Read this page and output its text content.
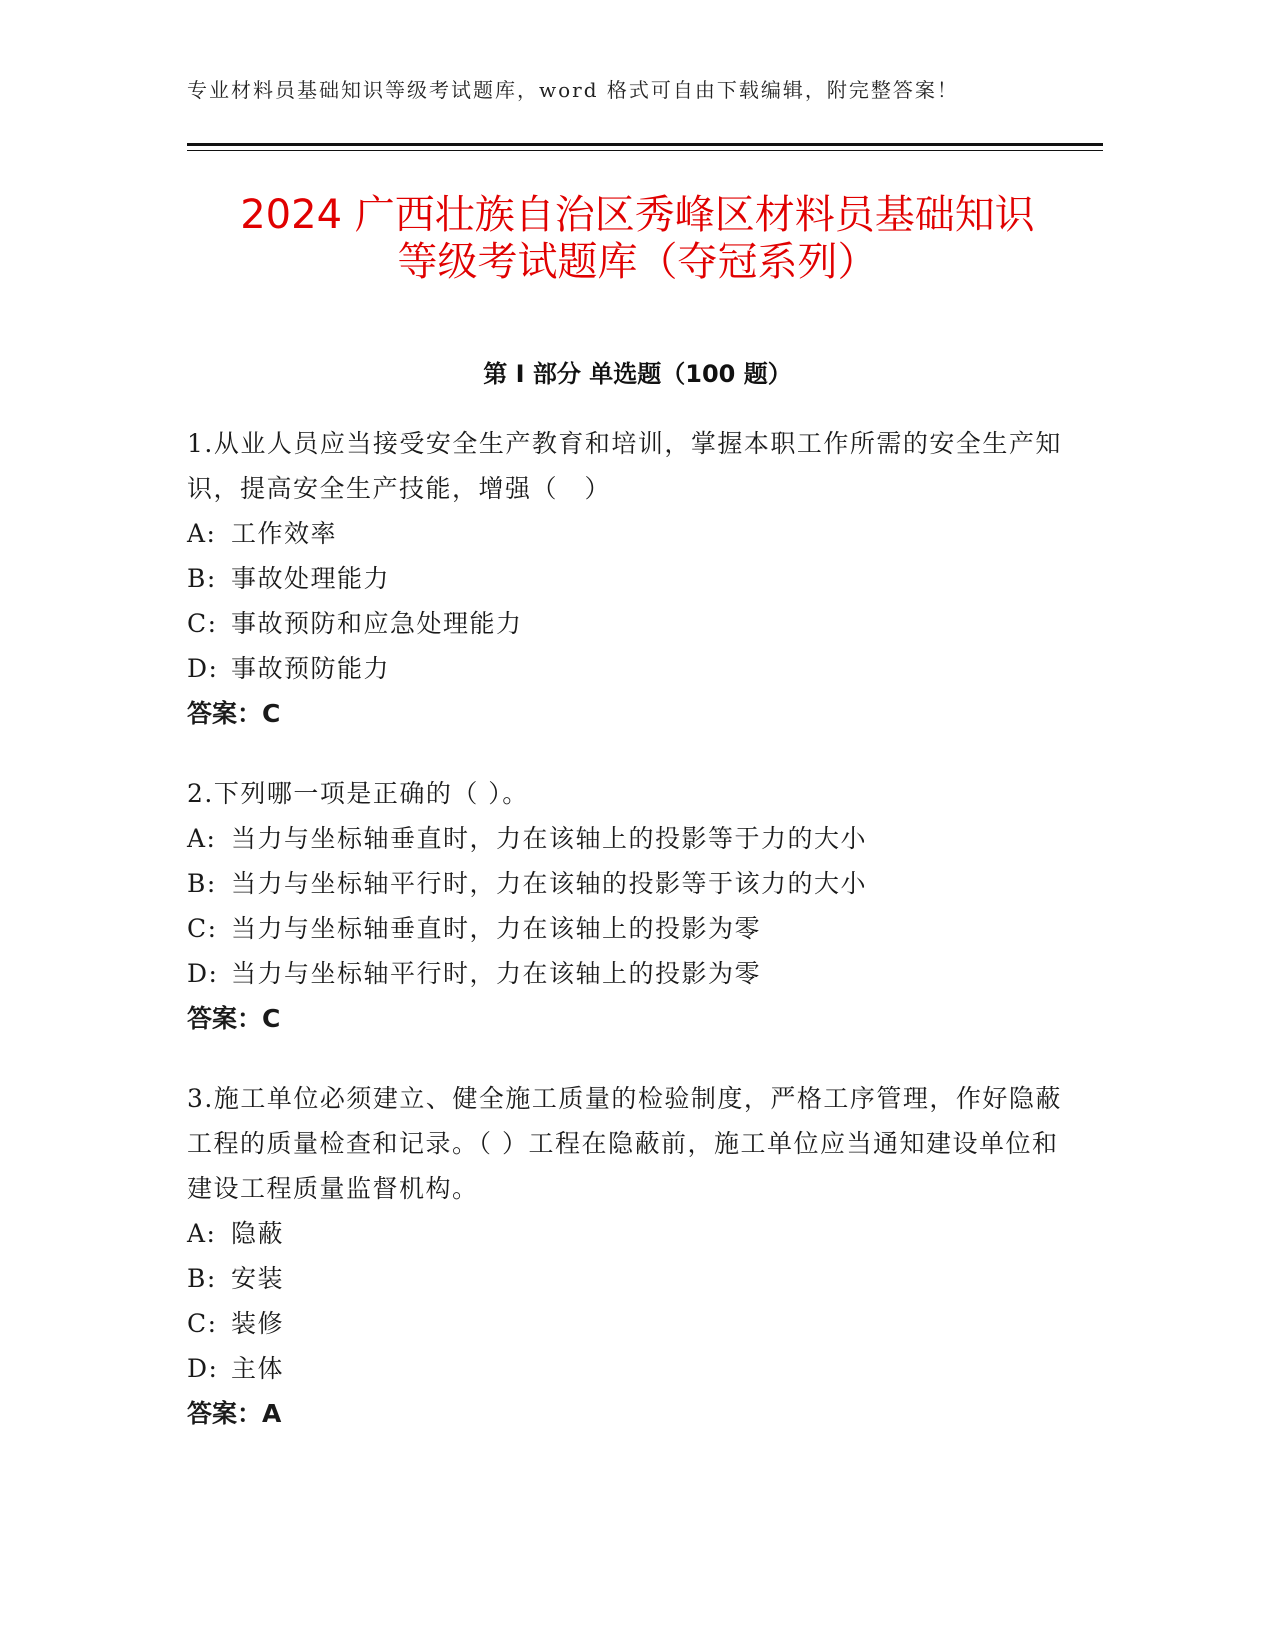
专业材料员基础知识等级考试题库，word 格式可自由下载编辑，附完整答案！
2024 广西壮族自治区秀峰区材料员基础知识
等级考试题库（夺冠系列）
第 I 部分 单选题（100 题）

1.从业人员应当接受安全生产教育和培训，掌握本职工作所需的安全生产知识，提高安全生产技能，增强（　）

A: 工作效率
B: 事故处理能力
C: 事故预防和应急处理能力
D: 事故预防能力
答案：C

2.下列哪一项是正确的（ ）。

A: 当力与坐标轴垂直时，力在该轴上的投影等于力的大小
B: 当力与坐标轴平行时，力在该轴的投影等于该力的大小
C: 当力与坐标轴垂直时，力在该轴上的投影为零
D: 当力与坐标轴平行时，力在该轴上的投影为零
答案：C

3.施工单位必须建立、健全施工质量的检验制度，严格工序管理，作好隐蔽工程的质量检查和记录。（ ）工程在隐蔽前，施工单位应当通知建设单位和建设工程质量监督机构。

A: 隐蔽
B: 安装
C: 装修
D: 主体
答案：A
